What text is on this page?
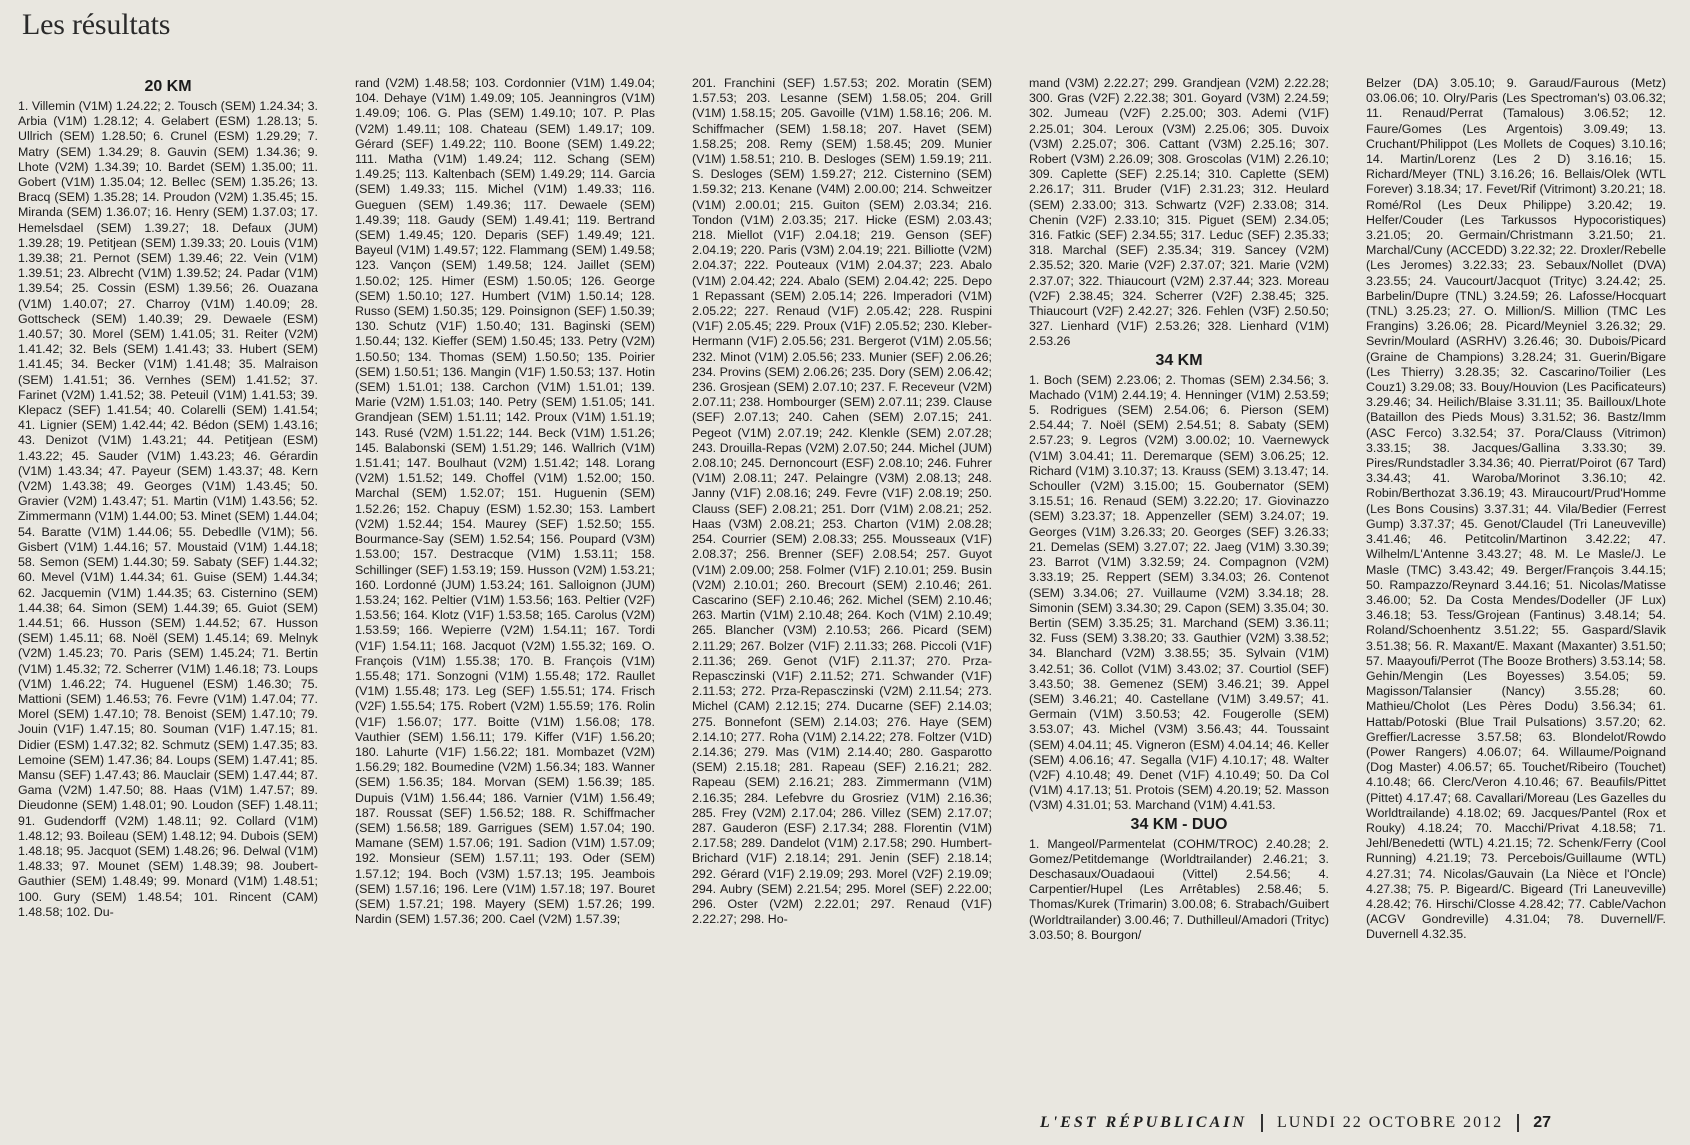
Les résultats
20 KM

1. Villemin (V1M) 1.24.22; 2. Tousch (SEM) 1.24.34; 3. Arbia (V1M) 1.28.12; 4. Gelabert (ESM) 1.28.13; 5. Ullrich (SEM) 1.28.50; 6. Crunel (ESM) 1.29.29; 7. Matry (SEM) 1.34.29; 8. Gauvin (SEM) 1.34.36; 9. Lhote (V2M) 1.34.39; 10. Bardet (SEM) 1.35.00; 11. Gobert (V1M) 1.35.04; 12. Bellec (SEM) 1.35.26; 13. Bracq (SEM) 1.35.28; 14. Proudon (V2M) 1.35.45; 15. Miranda (SEM) 1.36.07; 16. Henry (SEM) 1.37.03; 17. Hemelsdael (SEM) 1.39.27; 18. Defaux (JUM) 1.39.28; 19. Petitjean (SEM) 1.39.33; 20. Louis (V1M) 1.39.38; 21. Pernot (SEM) 1.39.46; 22. Vein (V1M) 1.39.51; 23. Albrecht (V1M) 1.39.52; 24. Padar (V1M) 1.39.54; 25. Cossin (ESM) 1.39.56; 26. Ouazana (V1M) 1.40.07; 27. Charroy (V1M) 1.40.09; 28. Gottscheck (SEM) 1.40.39; 29. Dewaele (ESM) 1.40.57; 30. Morel (SEM) 1.41.05; 31. Reiter (V2M) 1.41.42; 32. Bels (SEM) 1.41.43; 33. Hubert (SEM) 1.41.45; 34. Becker (V1M) 1.41.48; 35. Malraison (SEM) 1.41.51; 36. Vernhes (SEM) 1.41.52; 37. Farinet (V2M) 1.41.52; 38. Peteuil (V1M) 1.41.53; 39. Klepacz (SEF) 1.41.54; 40. Colarelli (SEM) 1.41.54; 41. Lignier (SEM) 1.42.44; 42. Bédon (SEM) 1.43.16; 43. Denizot (V1M) 1.43.21; 44. Petitjean (ESM) 1.43.22; 45. Sauder (V1M) 1.43.23; 46. Gérardin (V1M) 1.43.34; 47. Payeur (SEM) 1.43.37; 48. Kern (V2M) 1.43.38; 49. Georges (V1M) 1.43.45; 50. Gravier (V2M) 1.43.47; 51. Martin (V1M) 1.43.56; 52. Zimmermann (V1M) 1.44.00; 53. Minet (SEM) 1.44.04; 54. Baratte (V1M) 1.44.06; 55. Debedlle (V1M); 56. Gisbert (V1M) 1.44.16; 57. Moustaid (V1M) 1.44.18; 58. Semon (SEM) 1.44.30; 59. Sabaty (SEF) 1.44.32; 60. Mevel (V1M) 1.44.34; 61. Guise (SEM) 1.44.34; 62. Jacquemin (V1M) 1.44.35; 63. Cisternino (SEM) 1.44.38; 64. Simon (SEM) 1.44.39; 65. Guiot (SEM) 1.44.51; 66. Husson (SEM) 1.44.52; 67. Husson (SEM) 1.45.11; 68. Noël (SEM) 1.45.14; 69. Melnyk (V2M) 1.45.23; 70. Paris (SEM) 1.45.24; 71. Bertin (V1M) 1.45.32; 72. Scherrer (V1M) 1.46.18; 73. Loups (V1M) 1.46.22; 74. Huguenel (ESM) 1.46.30; 75. Mattioni (SEM) 1.46.53; 76. Fevre (V1M) 1.47.04; 77. Morel (SEM) 1.47.10; 78. Benoist (SEM) 1.47.10; 79. Jouin (V1F) 1.47.15; 80. Souman (V1F) 1.47.15; 81. Didier (ESM) 1.47.32; 82. Schmutz (SEM) 1.47.35; 83. Lemoine (SEM) 1.47.36; 84. Loups (SEM) 1.47.41; 85. Mansu (SEF) 1.47.43; 86. Mauclair (SEM) 1.47.44; 87. Gama (V2M) 1.47.50; 88. Haas (V1M) 1.47.57; 89. Dieudonne (SEM) 1.48.01; 90. Loudon (SEF) 1.48.11; 91. Gudendorff (V2M) 1.48.11; 92. Collard (V1M) 1.48.12; 93. Boileau (SEM) 1.48.12; 94. Dubois (SEM) 1.48.18; 95. Jacquot (SEM) 1.48.26; 96. Delwal (V1M) 1.48.33; 97. Mounet (SEM) 1.48.39; 98. Joubert-Gauthier (SEM) 1.48.49; 99. Monard (V1M) 1.48.51; 100. Gury (SEM) 1.48.54; 101. Rincent (CAM) 1.48.58; 102. Du-

rand (V2M) 1.48.58; 103. Cordonnier (V1M) 1.49.04; 104. Dehaye (V1M) 1.49.09; 105. Jeanningros (V1M) 1.49.09; 106. G. Plas (SEM) 1.49.10; 107. P. Plas (V2M) 1.49.11; 108. Chateau (SEM) 1.49.17; 109. Gérard (SEF) 1.49.22; 110. Boone (SEM) 1.49.22; 111. Matha (V1M) 1.49.24; 112. Schang (SEM) 1.49.25; 113. Kaltenbach (SEM) 1.49.29; 114. Garcia (SEM) 1.49.33; 115. Michel (V1M) 1.49.33; 116. Gueguen (SEM) 1.49.36; 117. Dewaele (SEM) 1.49.39; 118. Gaudy (SEM) 1.49.41; 119. Bertrand (SEM) 1.49.45; 120. Deparis (SEF) 1.49.49; 121. Bayeul (V1M) 1.49.57; 122. Flammang (SEM) 1.49.58; 123. Vançon (SEM) 1.49.58; 124. Jaillet (SEM) 1.50.02; 125. Himer (ESM) 1.50.05; 126. George (SEM) 1.50.10; 127. Humbert (V1M) 1.50.14; 128. Russo (SEM) 1.50.35; 129. Poinsignon (SEF) 1.50.39; 130. Schutz (V1F) 1.50.40; 131. Baginski (SEM) 1.50.44; 132. Kieffer (SEM) 1.50.45; 133. Petry (V2M) 1.50.50; 134. Thomas (SEM) 1.50.50; 135. Poirier (SEM) 1.50.51; 136. Mangin (V1F) 1.50.53; 137. Hotin (SEM) 1.51.01; 138. Carchon (V1M) 1.51.01; 139. Marie (V2M) 1.51.03; 140. Petry (SEM) 1.51.05; 141. Grandjean (SEM) 1.51.11; 142. Proux (V1M) 1.51.19; 143. Rusé (V2M) 1.51.22; 144. Beck (V1M) 1.51.26; 145. Balabonski (SEM) 1.51.29; 146. Wallrich (V1M) 1.51.41; 147. Boulhaut (V2M) 1.51.42; 148. Lorang (V2M) 1.51.52; 149. Choffel (V1M) 1.52.00; 150. Marchal (SEM) 1.52.07; 151. Huguenin (SEM) 1.52.26; 152. Chapuy (ESM) 1.52.30; 153. Lambert (V2M) 1.52.44; 154. Maurey (SEF) 1.52.50; 155. Bourmance-Say (SEM) 1.52.54; 156. Poupard (V3M) 1.53.00; 157. Destracque (V1M) 1.53.11; 158. Schillinger (SEF) 1.53.19; 159. Husson (V2M) 1.53.21; 160. Lordonné (JUM) 1.53.24; 161. Salloignon (JUM) 1.53.24; 162. Peltier (V1M) 1.53.56; 163. Peltier (V2F) 1.53.56; 164. Klotz (V1F) 1.53.58; 165. Carolus (V2M) 1.53.59; 166. Wepierre (V2M) 1.54.11; 167. Tordi (V1F) 1.54.11; 168. Jacquot (V2M) 1.55.32; 169. O. François (V1M) 1.55.38; 170. B. François (V1M) 1.55.48; 171. Sonzogni (V1M) 1.55.48; 172. Raullet (V1M) 1.55.48; 173. Leg (SEF) 1.55.51; 174. Frisch (V2F) 1.55.54; 175. Robert (V2M) 1.55.59; 176. Rolin (V1F) 1.56.07; 177. Boitte (V1M) 1.56.08; 178. Vauthier (SEM) 1.56.11; 179. Kiffer (V1F) 1.56.20; 180. Lahurte (V1F) 1.56.22; 181. Mombazet (V2M) 1.56.29; 182. Boumedine (V2M) 1.56.34; 183. Wanner (SEM) 1.56.35; 184. Morvan (SEM) 1.56.39; 185. Dupuis (V1M) 1.56.44; 186. Varnier (V1M) 1.56.49; 187. Roussat (SEF) 1.56.52; 188. R. Schiffmacher (SEM) 1.56.58; 189. Garrigues (SEM) 1.57.04; 190. Mamane (SEM) 1.57.06; 191. Sadion (V1M) 1.57.09; 192. Monsieur (SEM) 1.57.11; 193. Oder (SEM) 1.57.12; 194. Boch (V3M) 1.57.13; 195. Jeambois (SEM) 1.57.16; 196. Lere (V1M) 1.57.18; 197. Bouret (SEM) 1.57.21; 198. Mayery (SEM) 1.57.26; 199. Nardin (SEM) 1.57.36; 200. Cael (V2M) 1.57.39;

201. Franchini (SEF) 1.57.53; 202. Moratin (SEM) 1.57.53; 203. Lesanne (SEM) 1.58.05; 204. Grill (V1M) 1.58.15; 205. Gavoille (V1M) 1.58.16; 206. M. Schiffmacher (SEM) 1.58.18; 207. Havet (SEM) 1.58.25; 208. Remy (SEM) 1.58.45; 209. Munier (V1M) 1.58.51; 210. B. Desloges (SEM) 1.59.19; 211. S. Desloges (SEM) 1.59.27; 212. Cisternino (SEM) 1.59.32; 213. Kenane (V4M) 2.00.00; 214. Schweitzer (V1M) 2.00.01; 215. Guiton (SEM) 2.03.34; 216. Tondon (V1M) 2.03.35; 217. Hicke (ESM) 2.03.43; 218. Miellot (V1F) 2.04.18; 219. Genson (SEF) 2.04.19; 220. Paris (V3M) 2.04.19; 221. Billiotte (V2M) 2.04.37; 222. Pouteaux (V1M) 2.04.37; 223. Abalo (V1M) 2.04.42; 224. Abalo (SEM) 2.04.42; 225. Depo 1 Repassant (SEM) 2.05.14; 226. Imperadori (V1M) 2.05.22; 227. Renaud (V1F) 2.05.42; 228. Ruspini (V1F) 2.05.45; 229. Proux (V1F) 2.05.52; 230. Kleber-Hermann (V1F) 2.05.56; 231. Bergerot (V1M) 2.05.56; 232. Minot (V1M) 2.05.56; 233. Munier (SEF) 2.06.26; 234. Provins (SEM) 2.06.26; 235. Dory (SEM) 2.06.42; 236. Grosjean (SEM) 2.07.10; 237. F. Receveur (V2M) 2.07.11; 238. Hombourger (SEM) 2.07.11; 239. Clause (SEF) 2.07.13; 240. Cahen (SEM) 2.07.15; 241. Pegeot (V1M) 2.07.19; 242. Klenkle (SEM) 2.07.28; 243. Drouilla-Repas (V2M) 2.07.50; 244. Michel (JUM) 2.08.10; 245. Dernoncourt (ESF) 2.08.10; 246. Fuhrer (V1M) 2.08.11; 247. Pelaingre (V3M) 2.08.13; 248. Janny (V1F) 2.08.16; 249. Fevre (V1F) 2.08.19; 250. Clauss (SEF) 2.08.21; 251. Dorr (V1M) 2.08.21; 252. Haas (V3M) 2.08.21; 253. Charton (V1M) 2.08.28; 254. Courrier (SEM) 2.08.33; 255. Mousseaux (V1F) 2.08.37; 256. Brenner (SEF) 2.08.54; 257. Guyot (V1M) 2.09.00; 258. Folmer (V1F) 2.10.01; 259. Busin (V2M) 2.10.01; 260. Brecourt (SEM) 2.10.46; 261. Cascarino (SEF) 2.10.46; 262. Michel (SEM) 2.10.46; 263. Martin (V1M) 2.10.48; 264. Koch (V1M) 2.10.49; 265. Blancher (V3M) 2.10.53; 266. Picard (SEM) 2.11.29; 267. Bolzer (V1F) 2.11.33; 268. Piccoli (V1F) 2.11.36; 269. Genot (V1F) 2.11.37; 270. Prza-Repasczinski (V1F) 2.11.52; 271. Schwander (V1F) 2.11.53; 272. Prza-Repasczinski (V2M) 2.11.54; 273. Michel (CAM) 2.12.15; 274. Ducarne (SEF) 2.14.03; 275. Bonnefont (SEM) 2.14.03; 276. Haye (SEM) 2.14.10; 277. Roha (V1M) 2.14.22; 278. Foltzer (V1D) 2.14.36; 279. Mas (V1M) 2.14.40; 280. Gasparotto (SEM) 2.15.18; 281. Rapeau (SEF) 2.16.21; 282. Rapeau (SEM) 2.16.21; 283. Zimmermann (V1M) 2.16.35; 284. Lefebvre du Grosriez (V1M) 2.16.36; 285. Frey (V2M) 2.17.04; 286. Villez (SEM) 2.17.07; 287. Gauderon (ESF) 2.17.34; 288. Florentin (V1M) 2.17.58; 289. Dandelot (V1M) 2.17.58; 290. Humbert-Brichard (V1F) 2.18.14; 291. Jenin (SEF) 2.18.14; 292. Gérard (V1F) 2.19.09; 293. Morel (V2F) 2.19.09; 294. Aubry (SEM) 2.21.54; 295. Morel (SEF) 2.22.00; 296. Oster (V2M) 2.22.01; 297. Renaud (V1F) 2.22.27; 298. Ho-

mand (V3M) 2.22.27; 299. Grandjean (V2M) 2.22.28; 300. Gras (V2F) 2.22.38; 301. Goyard (V3M) 2.24.59; 302. Jumeau (V2F) 2.25.00; 303. Ademi (V1F) 2.25.01; 304. Leroux (V3M) 2.25.06; 305. Duvoix (V3M) 2.25.07; 306. Cattant (V3M) 2.25.16; 307. Robert (V3M) 2.26.09; 308. Groscolas (V1M) 2.26.10; 309. Caplette (SEF) 2.25.14; 310. Caplette (SEM) 2.26.17; 311. Bruder (V1F) 2.31.23; 312. Heulard (SEM) 2.33.00; 313. Schwartz (V2F) 2.33.08; 314. Chenin (V2F) 2.33.10; 315. Piguet (SEM) 2.34.05; 316. Fatkic (SEF) 2.34.55; 317. Leduc (SEF) 2.35.33; 318. Marchal (SEF) 2.35.34; 319. Sancey (V2M) 2.35.52; 320. Marie (V2F) 2.37.07; 321. Marie (V2M) 2.37.07; 322. Thiaucourt (V2M) 2.37.44; 323. Moreau (V2F) 2.38.45; 324. Scherrer (V2F) 2.38.45; 325. Thiaucourt (V2F) 2.42.27; 326. Fehlen (V3F) 2.50.50; 327. Lienhard (V1F) 2.53.26; 328. Lienhard (V1M) 2.53.26

34 KM

1. Boch (SEM) 2.23.06; 2. Thomas (SEM) 2.34.56; 3. Machado (V1M) 2.44.19; 4. Henninger (V1M) 2.53.59; 5. Rodrigues (SEM) 2.54.06; 6. Pierson (SEM) 2.54.44; 7. Noël (SEM) 2.54.51; 8. Sabaty (SEM) 2.57.23; 9. Legros (V2M) 3.00.02; 10. Vaernewyck (V1M) 3.04.41; 11. Deremarque (SEM) 3.06.25; 12. Richard (V1M) 3.10.37; 13. Krauss (SEM) 3.13.47; 14. Schouller (V2M) 3.15.00; 15. Goubernator (SEM) 3.15.51; 16. Renaud (SEM) 3.22.20; 17. Giovinazzo (SEM) 3.23.37; 18. Appenzeller (SEM) 3.24.07; 19. Georges (V1M) 3.26.33; 20. Georges (SEF) 3.26.33; 21. Demelas (SEM) 3.27.07; 22. Jaeg (V1M) 3.30.39; 23. Barrot (V1M) 3.32.59; 24. Compagnon (V2M) 3.33.19; 25. Reppert (SEM) 3.34.03; 26. Contenot (SEM) 3.34.06; 27. Vuillaume (V2M) 3.34.18; 28. Simonin (SEM) 3.34.30; 29. Capon (SEM) 3.35.04; 30. Bertin (SEM) 3.35.25; 31. Marchand (SEM) 3.36.11; 32. Fuss (SEM) 3.38.20; 33. Gauthier (V2M) 3.38.52; 34. Blanchard (V2M) 3.38.55; 35. Sylvain (V1M) 3.42.51; 36. Collot (V1M) 3.43.02; 37. Courtiol (SEF) 3.43.50; 38. Gemenez (SEM) 3.46.21; 39. Appel (SEM) 3.46.21; 40. Castellane (V1M) 3.49.57; 41. Germain (V1M) 3.50.53; 42. Fougerolle (SEM) 3.53.07; 43. Michel (V3M) 3.56.43; 44. Toussaint (SEM) 4.04.11; 45. Vigneron (ESM) 4.04.14; 46. Keller (SEM) 4.06.16; 47. Segalla (V1F) 4.10.17; 48. Walter (V2F) 4.10.48; 49. Denet (V1F) 4.10.49; 50. Da Col (V1M) 4.17.13; 51. Protois (SEM) 4.20.19; 52. Masson (V3M) 4.31.01; 53. Marchand (V1M) 4.41.53.

34 KM - DUO

1. Mangeol/Parmentelat (COHM/TROC) 2.40.28; 2. Gomez/Petitdemange (Worldtrailander) 2.46.21; 3. Deschasaux/Ouadaoui (Vittel) 2.54.56; 4. Carpentier/Hupel (Les Arrêtables) 2.58.46; 5. Thomas/Kurek (Trimarin) 3.00.08; 6. Strabach/Guibert (Worldtrailander) 3.00.46; 7. Duthilleul/Amadori (Trityc) 3.03.50; 8. Bourgon/

Belzer (DA) 3.05.10; 9. Garaud/Faurous (Metz) 03.06.06; 10. Olry/Paris (Les Spectroman's) 03.06.32; 11. Renaud/Perrat (Tamalous) 3.06.52; 12. Faure/Gomes (Les Argentois) 3.09.49; 13. Cruchant/Philippot (Les Mollets de Coques) 3.10.16; 14. Martin/Lorenz (Les 2 D) 3.16.16; 15. Richard/Meyer (TNL) 3.16.26; 16. Bellais/Olek (WTL Forever) 3.18.34; 17. Fevet/Rif (Vitrimont) 3.20.21; 18. Romé/Rol (Les Deux Philippe) 3.20.42; 19. Helfer/Couder (Les Tarkussos Hypocoristiques) 3.21.05; 20. Germain/Christmann 3.21.50; 21. Marchal/Cuny (ACCEDD) 3.22.32; 22. Droxler/Rebelle (Les Jeromes) 3.22.33; 23. Sebaux/Nollet (DVA) 3.23.55; 24. Vaucourt/Jacquot (Trityc) 3.24.42; 25. Barbelin/Dupre (TNL) 3.24.59; 26. Lafosse/Hocquart (TNL) 3.25.23; 27. O. Million/S. Million (TMC Les Frangins) 3.26.06; 28. Picard/Meyniel 3.26.32; 29. Sevrin/Moulard (ASRHV) 3.26.46; 30. Dubois/Picard (Graine de Champions) 3.28.24; 31. Guerin/Bigare (Les Thierry) 3.28.35; 32. Cascarino/Toilier (Les Couz1) 3.29.08; 33. Bouy/Houvion (Les Pacificateurs) 3.29.46; 34. Heilich/Blaise 3.31.11; 35. Bailloux/Lhote (Bataillon des Pieds Mous) 3.31.52; 36. Bastz/Imm (ASC Ferco) 3.32.54; 37. Pora/Clauss (Vitrimon) 3.33.15; 38. Jacques/Gallina 3.33.30; 39. Pires/Rundstadler 3.34.36; 40. Pierrat/Poirot (67 Tard) 3.34.43; 41. Waroba/Morinot 3.36.10; 42. Robin/Berthozat 3.36.19; 43. Miraucourt/Prud'Homme (Les Bons Cousins) 3.37.31; 44. Vila/Bedier (Ferrest Gump) 3.37.37; 45. Genot/Claudel (Tri Laneuveville) 3.41.46; 46. Petitcolin/Martinon 3.42.22; 47. Wilhelm/L'Antenne 3.43.27; 48. M. Le Masle/J. Le Masle (TMC) 3.43.42; 49. Berger/François 3.44.15; 50. Rampazzo/Reynard 3.44.16; 51. Nicolas/Matisse 3.46.00; 52. Da Costa Mendes/Dodeller (JF Lux) 3.46.18; 53. Tess/Grojean (Fantinus) 3.48.14; 54. Roland/Schoenhentz 3.51.22; 55. Gaspard/Slavik 3.51.38; 56. R. Maxant/E. Maxant (Maxanter) 3.51.50; 57. Maayoufi/Perrot (The Booze Brothers) 3.53.14; 58. Gehin/Mengin (Les Boyesses) 3.54.05; 59. Magisson/Talansier (Nancy) 3.55.28; 60. Mathieu/Cholot (Les Pères Dodu) 3.56.34; 61. Hattab/Potoski (Blue Trail Pulsations) 3.57.20; 62. Greffier/Lacresse 3.57.58; 63. Blondelot/Rowdo (Power Rangers) 4.06.07; 64. Willaume/Poignand (Dog Master) 4.06.57; 65. Touchet/Ribeiro (Touchet) 4.10.48; 66. Clerc/Veron 4.10.46; 67. Beaufils/Pittet (Pittet) 4.17.47; 68. Cavallari/Moreau (Les Gazelles du Worldtrailande) 4.18.02; 69. Jacques/Pantel (Rox et Rouky) 4.18.24; 70. Macchi/Privat 4.18.58; 71. Jehl/Benedetti (WTL) 4.21.15; 72. Schenk/Ferry (Cool Running) 4.21.19; 73. Percebois/Guillaume (WTL) 4.27.31; 74. Nicolas/Gauvain (La Nièce et l'Oncle) 4.27.38; 75. P. Bigeard/C. Bigeard (Tri Laneuveville) 4.28.42; 76. Hirschi/Closse 4.28.42; 77. Cable/Vachon (ACGV Gondreville) 4.31.04; 78. Duvernell/F. Duvernell 4.32.35.

L'EST RÉPUBLICAIN LUNDI 22 OCTOBRE 2012 27
